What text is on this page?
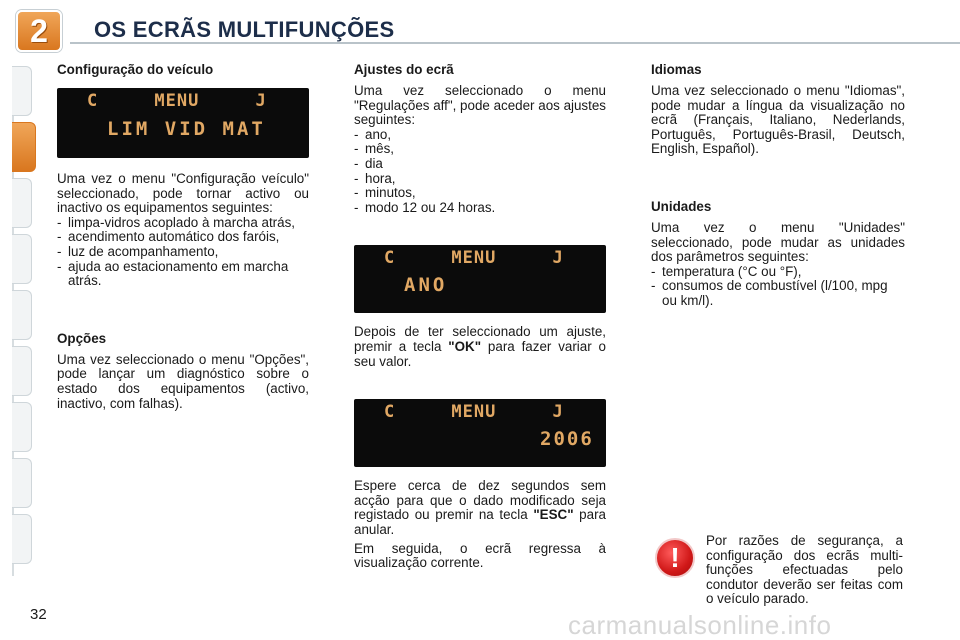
2 OS ECRÃS MULTIFUNÇÕES
Configuração do veículo
C     MENU     J
LIM VID MAT

Uma vez o menu "Configuração veículo" seleccionado, pode tornar activo ou inactivo os equipamentos seguintes:

- limpa-vidros acoplado à marcha atrás,
- acendimento automático dos faróis,
- luz de acompanhamento,
- ajuda ao estacionamento em marcha atrás.
Opções

Uma vez seleccionado o menu "Opções", pode lançar um diagnóstico sobre o estado dos equipamentos (activo, inactivo, com falhas).

Ajustes do ecrã

Uma vez seleccionado o menu "Regulações aff", pode aceder aos ajustes seguintes:

- ano,
- mês,
- dia
- hora,
- minutos,
- modo 12 ou 24 horas.
C     MENU     J
ANO

Depois de ter seleccionado um ajuste, premir a tecla "OK" para fazer variar o seu valor.

C     MENU     J
2006

Espere cerca de dez segundos sem acção para que o dado modificado seja registado ou premir na tecla "ESC" para anular.

Em seguida, o ecrã regressa à visualização corrente.

Idiomas

Uma vez seleccionado o menu "Idiomas", pode mudar a língua da visualização no ecrã (Français, Italiano, Nederlands, Português, Português-Brasil, Deutsch, English, Español).

Unidades

Uma vez o menu "Unidades" seleccionado, pode mudar as unidades dos parâmetros seguintes:

- temperatura (°C ou °F),
- consumos de combustível (l/100, mpg ou km/l).
!

Por razões de segurança, a configuração dos ecrãs multi-funções efectuadas pelo condutor deverão ser feitas com o veículo parado.

32	carmanualsonline.info
